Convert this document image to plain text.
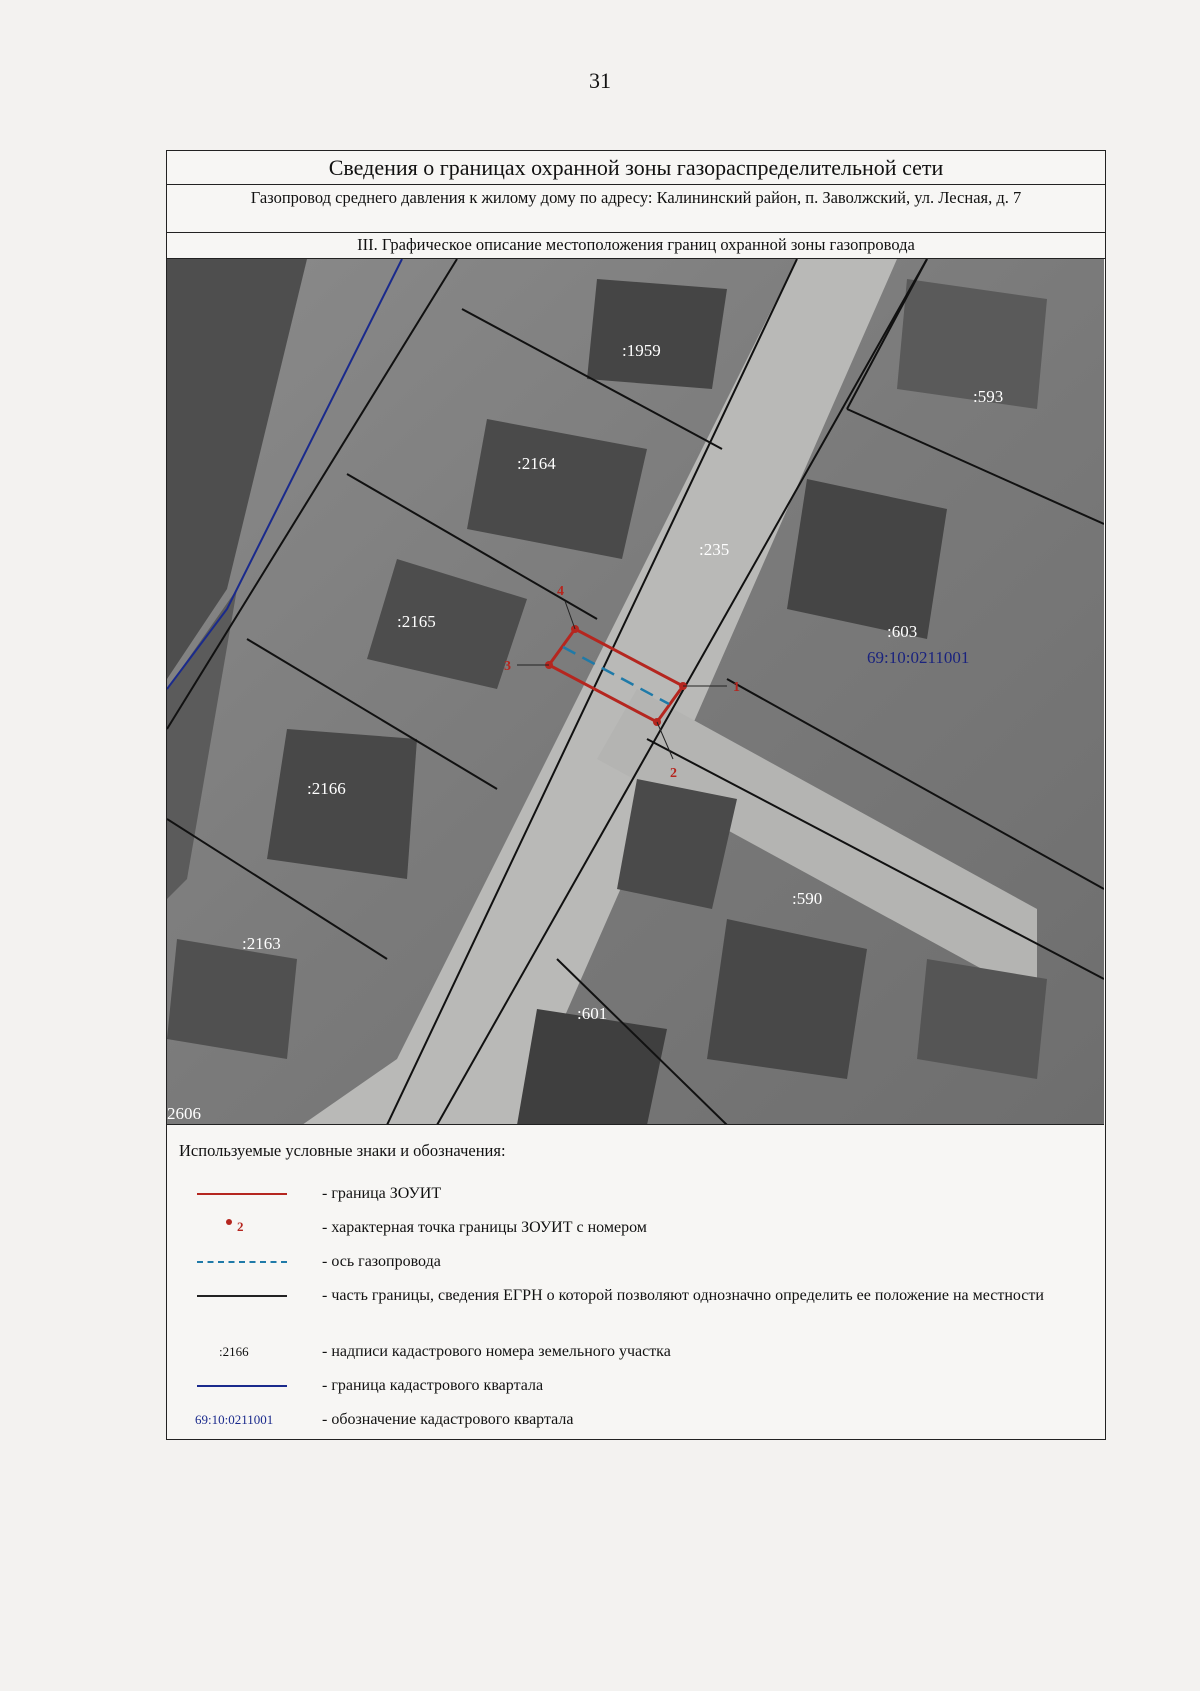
31
Сведения о границах охранной зоны газораспределительной сети
Газопровод среднего давления к жилому дому по адресу: Калининский район, п. Заволжский, ул. Лесная, д. 7
III. Графическое описание местоположения границ охранной зоны газопровода
:1959
:593
:2164
:235
:2165
:603
69:10:0211001
:2166
:590
:2163
:601
2606
1
2
3
4
Используемые условные знаки и обозначения:
- граница ЗОУИТ
2	- характерная точка границы ЗОУИТ с номером
- ось газопровода
- часть границы, сведения ЕГРН о которой позволяют однозначно определить ее положение на местности
:2166	- надписи кадастрового номера земельного участка
- граница кадастрового квартала
69:10:0211001	- обозначение кадастрового квартала
